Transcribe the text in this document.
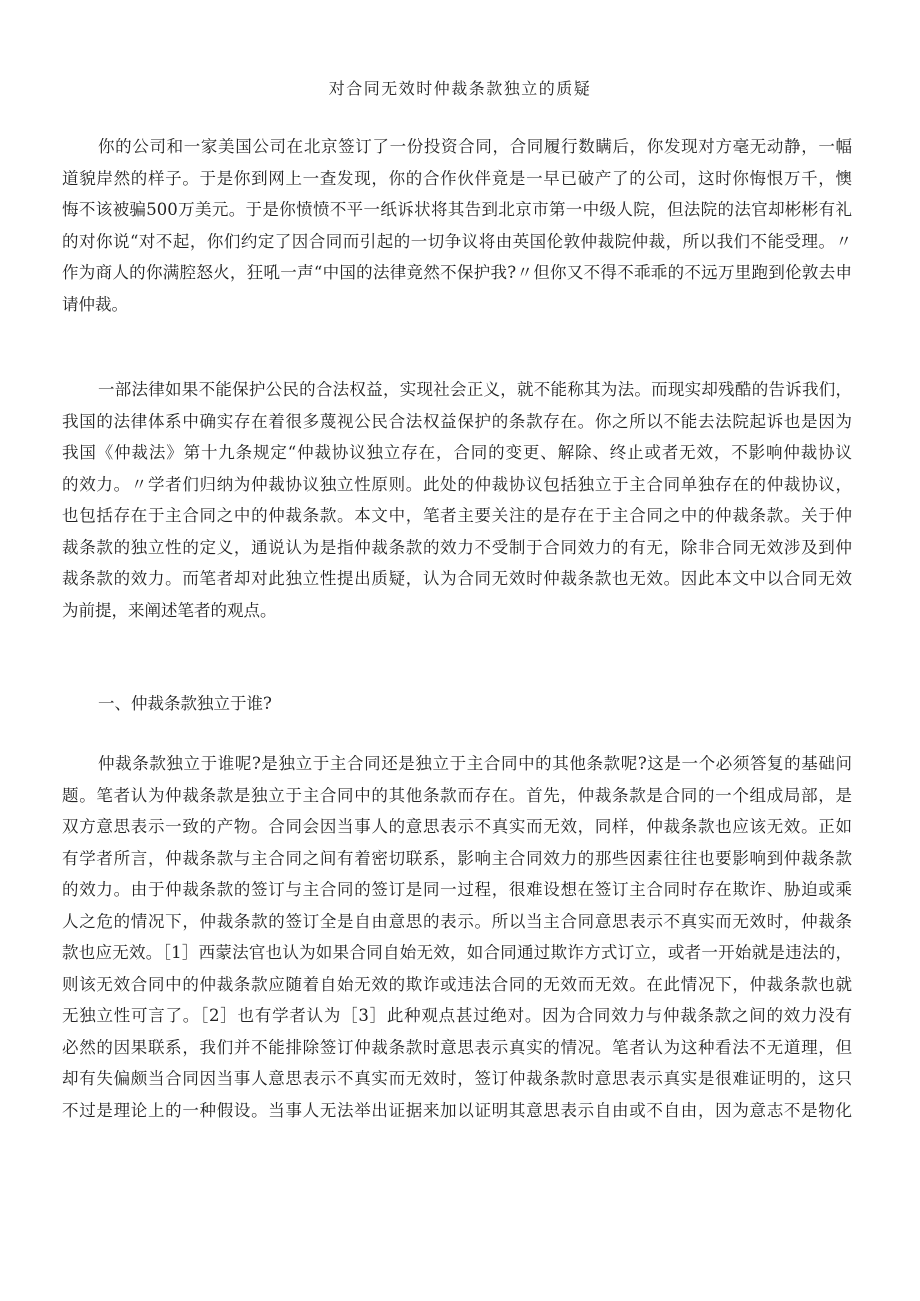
对合同无效时仲裁条款独立的质疑
你的公司和一家美国公司在北京签订了一份投资合同，合同履行数瞒后，你发现对方毫无动静，一幅
道貌岸然的样子。于是你到网上一查发现，你的合作伙伴竟是一早已破产了的公司，这时你悔恨万千，懊
悔不该被骗500万美元。于是你愤愤不平一纸诉状将其告到北京市第一中级人院，但法院的法官却彬彬有礼
的对你说“对不起，你们约定了因合同而引起的一切争议将由英国伦敦仲裁院仲裁，所以我们不能受理。〃
作为商人的你满腔怒火，狂吼一声“中国的法律竟然不保护我?〃但你又不得不乖乖的不远万里跑到伦敦去申
请仲裁。
一部法律如果不能保护公民的合法权益，实现社会正义，就不能称其为法。而现实却残酷的告诉我们，
我国的法律体系中确实存在着很多蔑视公民合法权益保护的条款存在。你之所以不能去法院起诉也是因为
我国《仲裁法》第十九条规定“仲裁协议独立存在，合同的变更、解除、终止或者无效，不影响仲裁协议
的效力。〃学者们归纳为仲裁协议独立性原则。此处的仲裁协议包括独立于主合同单独存在的仲裁协议，
也包括存在于主合同之中的仲裁条款。本文中，笔者主要关注的是存在于主合同之中的仲裁条款。关于仲
裁条款的独立性的定义，通说认为是指仲裁条款的效力不受制于合同效力的有无，除非合同无效涉及到仲
裁条款的效力。而笔者却对此独立性提出质疑，认为合同无效时仲裁条款也无效。因此本文中以合同无效
为前提，来阐述笔者的观点。
一、仲裁条款独立于谁?
仲裁条款独立于谁呢?是独立于主合同还是独立于主合同中的其他条款呢?这是一个必须答复的基础问
题。笔者认为仲裁条款是独立于主合同中的其他条款而存在。首先，仲裁条款是合同的一个组成局部，是
双方意思表示一致的产物。合同会因当事人的意思表示不真实而无效，同样，仲裁条款也应该无效。正如
有学者所言，仲裁条款与主合同之间有着密切联系，影响主合同效力的那些因素往往也要影响到仲裁条款
的效力。由于仲裁条款的签订与主合同的签订是同一过程，很难设想在签订主合同时存在欺诈、胁迫或乘
人之危的情况下，仲裁条款的签订全是自由意思的表示。所以当主合同意思表示不真实而无效时，仲裁条
款也应无效。［1］西蒙法官也认为如果合同自始无效，如合同通过欺诈方式订立，或者一开始就是违法的，
则该无效合同中的仲裁条款应随着自始无效的欺诈或违法合同的无效而无效。在此情况下，仲裁条款也就
无独立性可言了。［2］也有学者认为［3］此种观点甚过绝对。因为合同效力与仲裁条款之间的效力没有
必然的因果联系，我们并不能排除签订仲裁条款时意思表示真实的情况。笔者认为这种看法不无道理，但
却有失偏颇当合同因当事人意思表示不真实而无效时，签订仲裁条款时意思表示真实是很难证明的，这只
不过是理论上的一种假设。当事人无法举出证据来加以证明其意思表示自由或不自由，因为意志不是物化
